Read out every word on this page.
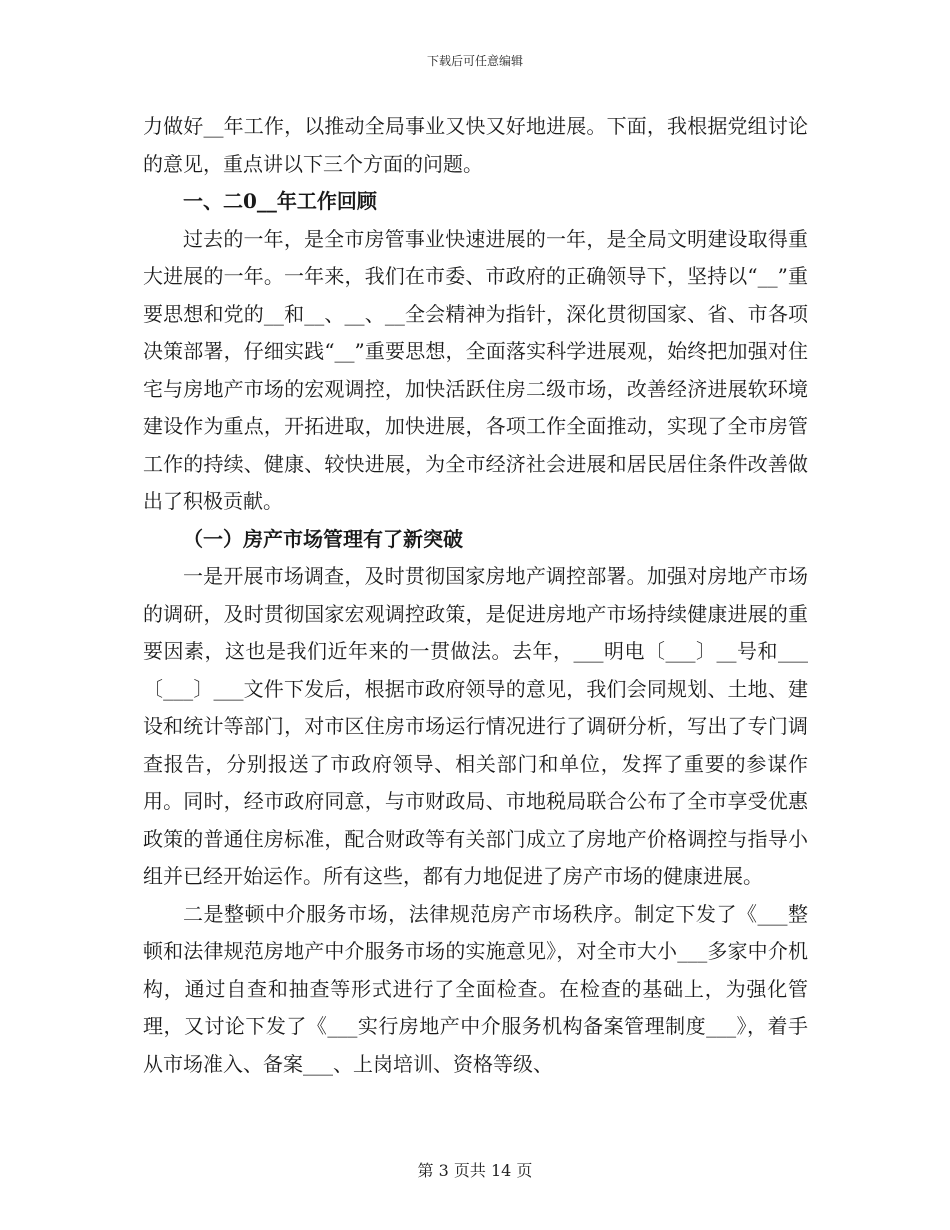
下载后可任意编辑

力做好__年工作，以推动全局事业又快又好地进展。下面，我根据党组讨论的意见，重点讲以下三个方面的问题。

一、二0__年工作回顾

过去的一年，是全市房管事业快速进展的一年，是全局文明建设取得重大进展的一年。一年来，我们在市委、市政府的正确领导下，坚持以“__”重要思想和党的__和__、__、__全会精神为指针，深化贯彻国家、省、市各项决策部署，仔细实践“__”重要思想，全面落实科学进展观，始终把加强对住宅与房地产市场的宏观调控，加快活跃住房二级市场，改善经济进展软环境建设作为重点，开拓进取，加快进展，各项工作全面推动，实现了全市房管工作的持续、健康、较快进展，为全市经济社会进展和居民居住条件改善做出了积极贡献。

（一）房产市场管理有了新突破

一是开展市场调查，及时贯彻国家房地产调控部署。加强对房地产市场的调研，及时贯彻国家宏观调控政策，是促进房地产市场持续健康进展的重要因素，这也是我们近年来的一贯做法。去年，___明电〔___〕__号和___〔___〕___文件下发后，根据市政府领导的意见，我们会同规划、土地、建设和统计等部门，对市区住房市场运行情况进行了调研分析，写出了专门调查报告，分别报送了市政府领导、相关部门和单位，发挥了重要的参谋作用。同时，经市政府同意，与市财政局、市地税局联合公布了全市享受优惠政策的普通住房标准，配合财政等有关部门成立了房地产价格调控与指导小组并已经开始运作。所有这些，都有力地促进了房产市场的健康进展。

二是整顿中介服务市场，法律规范房产市场秩序。制定下发了《___整顿和法律规范房地产中介服务市场的实施意见》，对全市大小___多家中介机构，通过自查和抽查等形式进行了全面检查。在检查的基础上，为强化管理，又讨论下发了《___实行房地产中介服务机构备案管理制度___》，着手从市场准入、备案___、上岗培训、资格等级、

第 3 页共 14 页
